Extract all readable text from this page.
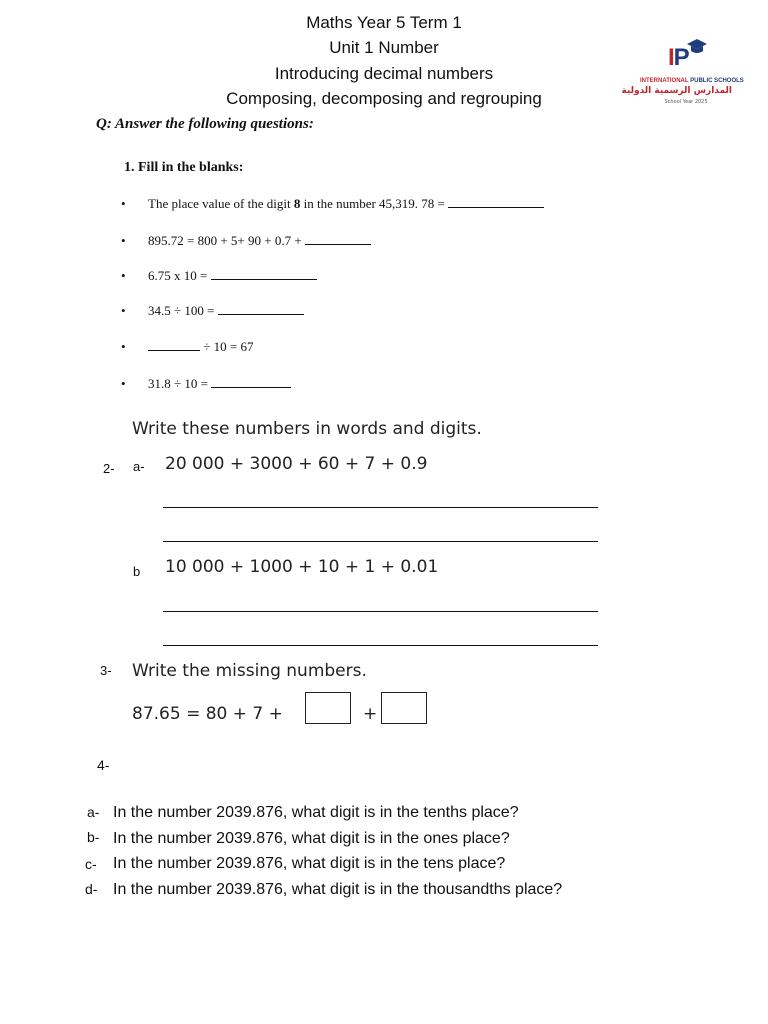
Maths Year 5 Term 1
Unit 1 Number
Introducing decimal numbers
Composing, decomposing and regrouping
IP
INTERNATIONAL PUBLIC SCHOOLS
المدارس الرسمية الدولية
School Year 2025
Q: Answer the following questions:
1. Fill in the blanks:
• The place value of the digit 8 in the number 45,319. 78 =
• 895.72 = 800 + 5+ 90 + 0.7 +
• 6.75 x 10 =
• 34.5 ÷ 100 =
•	÷ 10 = 67
• 31.8 ÷ 10 =
Write these numbers in words and digits.
2- a- 20 000 + 3000 + 60 + 7 + 0.9
b 10 000 + 1000 + 10 + 1 + 0.01
3- Write the missing numbers.
87.65 = 80 + 7 +	+
4-
a- In the number 2039.876, what digit is in the tenths place?
b- In the number 2039.876, what digit is in the ones place?
c- In the number 2039.876, what digit is in the tens place?
d- In the number 2039.876, what digit is in the thousandths place?
